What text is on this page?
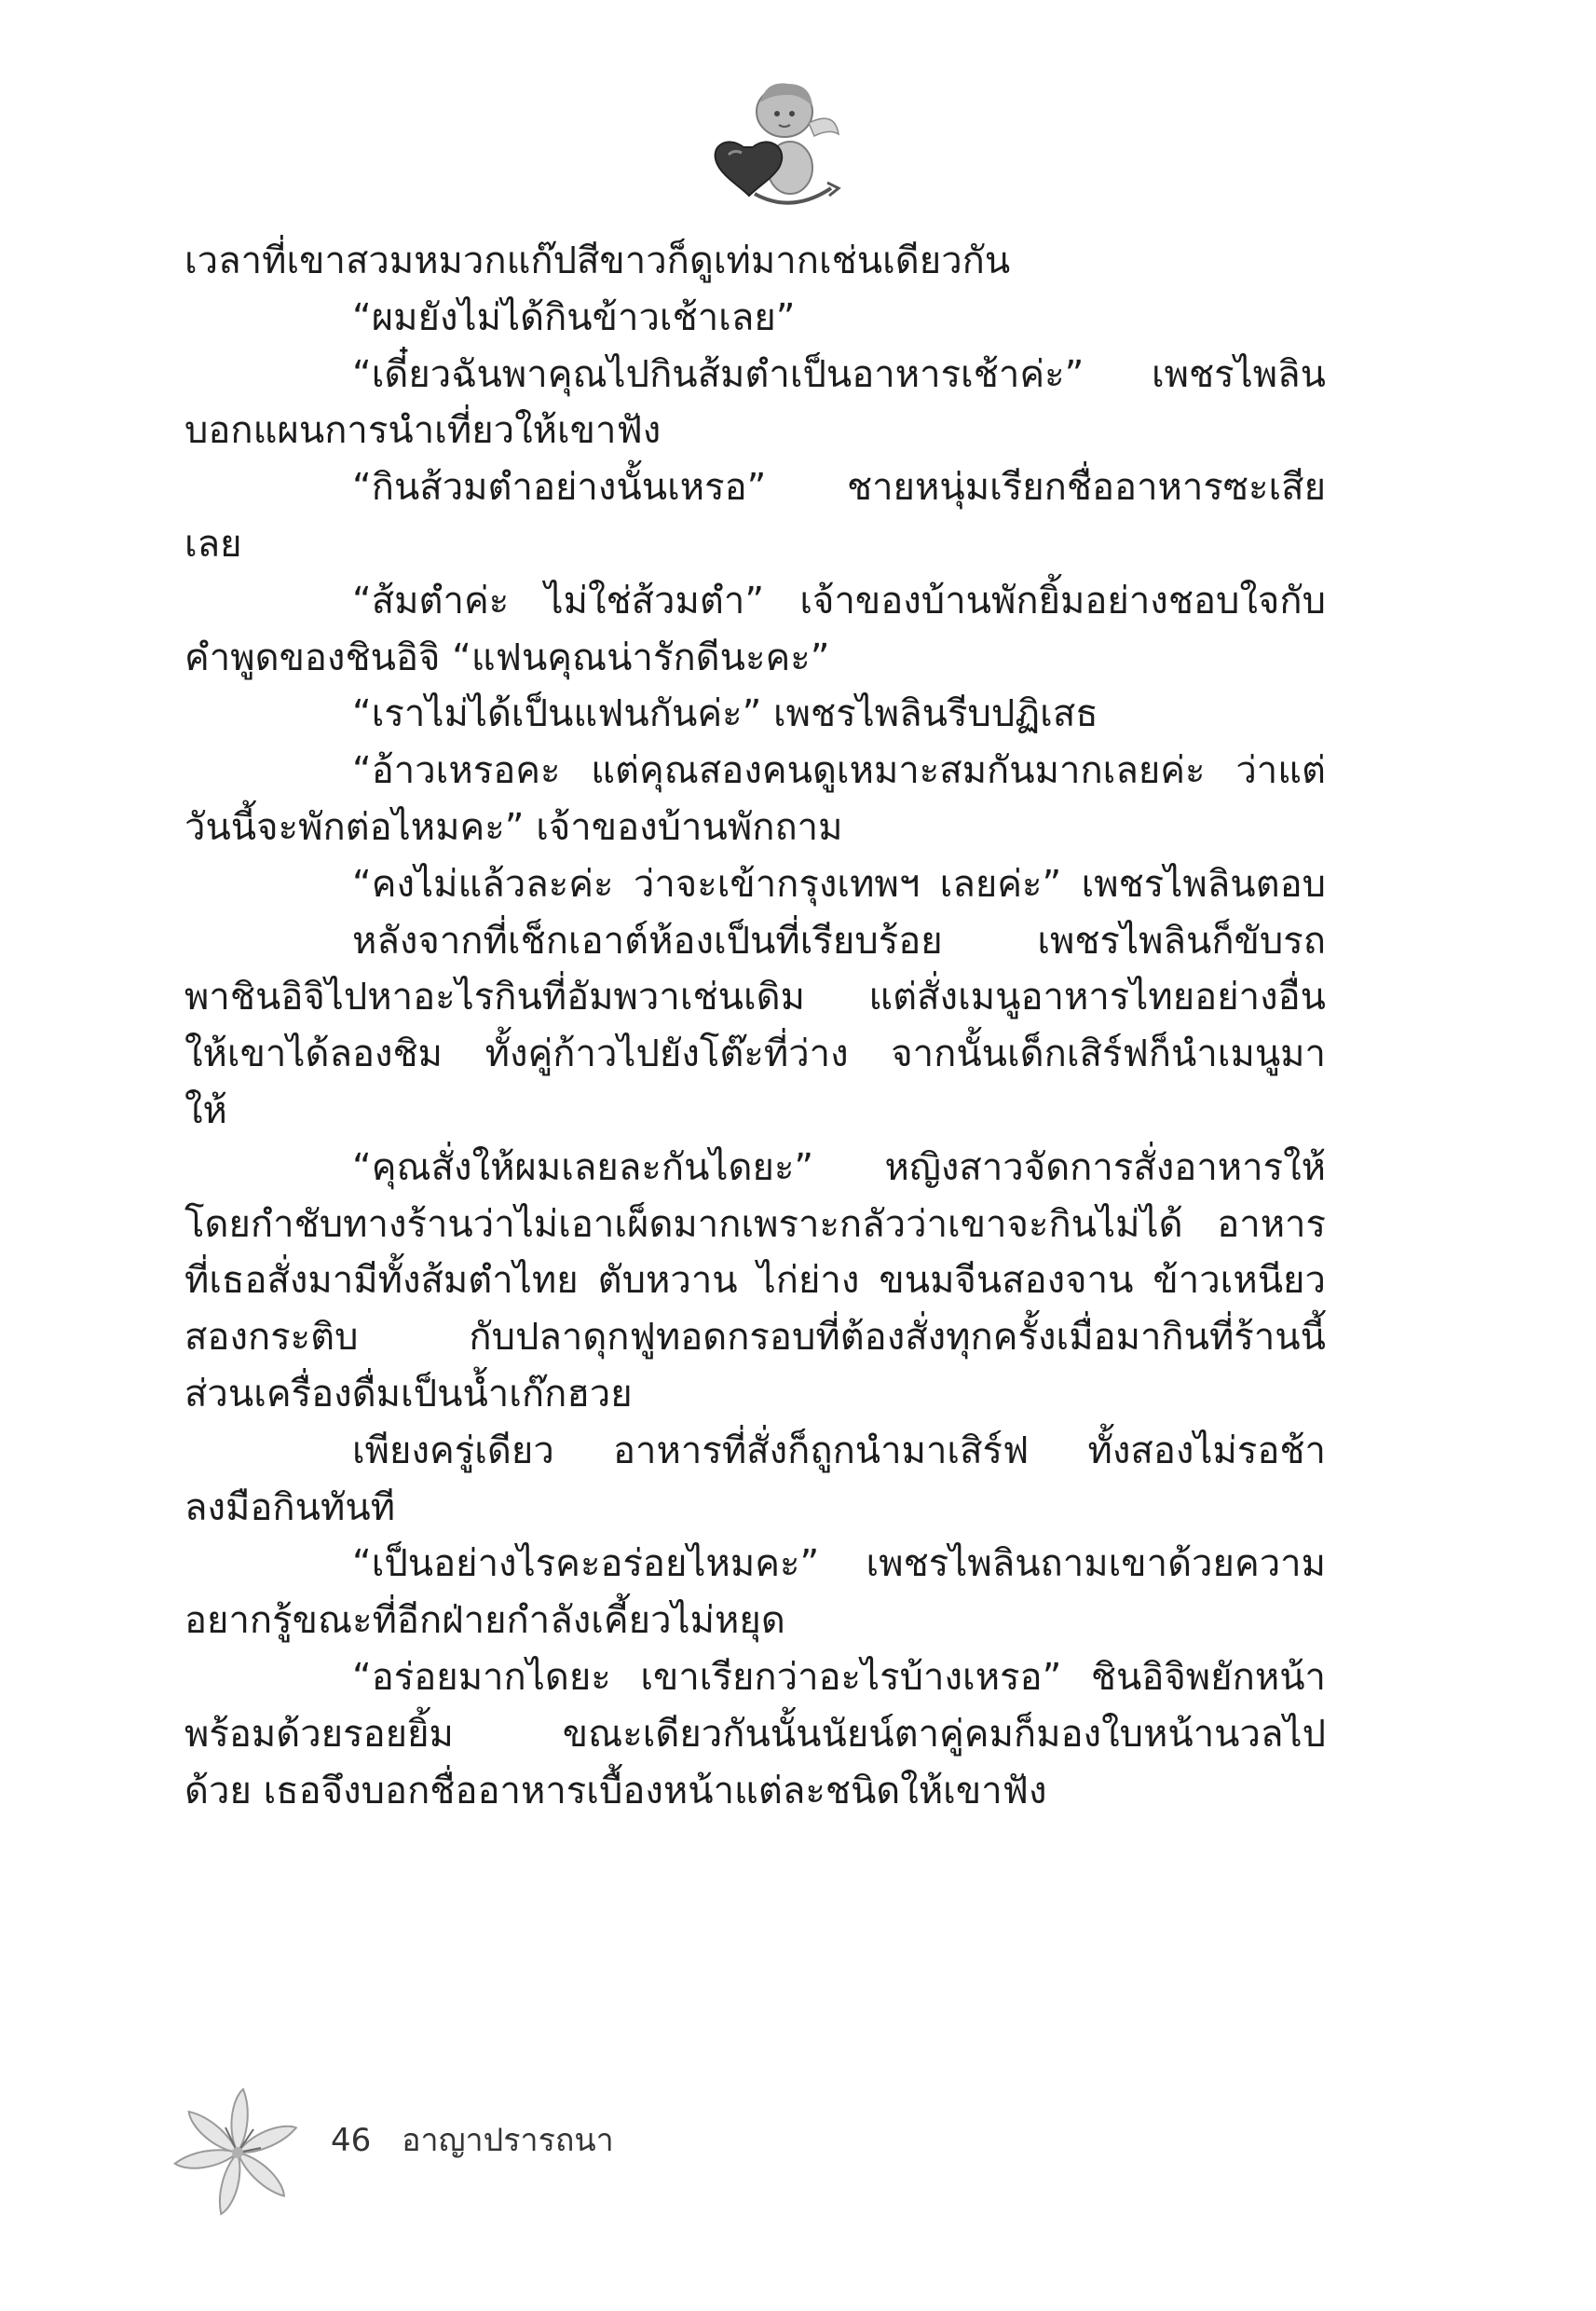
เวลาที่เขาสวมหมวกแก๊ปสีขาวก็ดูเท่มากเช่นเดียวกัน
“ผมยังไม่ได้กินข้าวเช้าเลย”
“เดี๋ยวฉันพาคุณไปกินส้มตำเป็นอาหารเช้าค่ะ” เพชรไพลิน
บอกแผนการนำเที่ยวให้เขาฟัง
“กินส้วมตำอย่างนั้นเหรอ” ชายหนุ่มเรียกชื่ออาหารซะเสีย
เลย
“ส้มตำค่ะ ไม่ใช่ส้วมตำ” เจ้าของบ้านพักยิ้มอย่างชอบใจกับ
คำพูดของชินอิจิ “แฟนคุณน่ารักดีนะคะ”
“เราไม่ได้เป็นแฟนกันค่ะ” เพชรไพลินรีบปฏิเสธ
“อ้าวเหรอคะ แต่คุณสองคนดูเหมาะสมกันมากเลยค่ะ ว่าแต่
วันนี้จะพักต่อไหมคะ” เจ้าของบ้านพักถาม
“คงไม่แล้วละค่ะ ว่าจะเข้ากรุงเทพฯ เลยค่ะ” เพชรไพลินตอบ
หลังจากที่เช็กเอาต์ห้องเป็นที่เรียบร้อย	เพชรไพลินก็ขับรถ
พาชินอิจิไปหาอะไรกินที่อัมพวาเช่นเดิม แต่สั่งเมนูอาหารไทยอย่างอื่น
ให้เขาได้ลองชิม ทั้งคู่ก้าวไปยังโต๊ะที่ว่าง จากนั้นเด็กเสิร์ฟก็นำเมนูมา
ให้
“คุณสั่งให้ผมเลยละกันไดยะ” หญิงสาวจัดการสั่งอาหารให้
โดยกำชับทางร้านว่าไม่เอาเผ็ดมากเพราะกลัวว่าเขาจะกินไม่ได้ อาหาร
ที่เธอสั่งมามีทั้งส้มตำไทย ตับหวาน ไก่ย่าง ขนมจีนสองจาน ข้าวเหนียว
สองกระติบ	กับปลาดุกฟูทอดกรอบที่ต้องสั่งทุกครั้งเมื่อมากินที่ร้านนี้
ส่วนเครื่องดื่มเป็นน้ำเก๊กฮวย
เพียงครู่เดียว อาหารที่สั่งก็ถูกนำมาเสิร์ฟ ทั้งสองไม่รอช้า
ลงมือกินทันที
“เป็นอย่างไรคะอร่อยไหมคะ” เพชรไพลินถามเขาด้วยความ
อยากรู้ขณะที่อีกฝ่ายกำลังเคี้ยวไม่หยุด
“อร่อยมากไดยะ เขาเรียกว่าอะไรบ้างเหรอ” ชินอิจิพยักหน้า
พร้อมด้วยรอยยิ้ม	ขณะเดียวกันนั้นนัยน์ตาคู่คมก็มองใบหน้านวลไป
ด้วย เธอจึงบอกชื่ออาหารเบื้องหน้าแต่ละชนิดให้เขาฟัง
46 อาญาปรารถนา
